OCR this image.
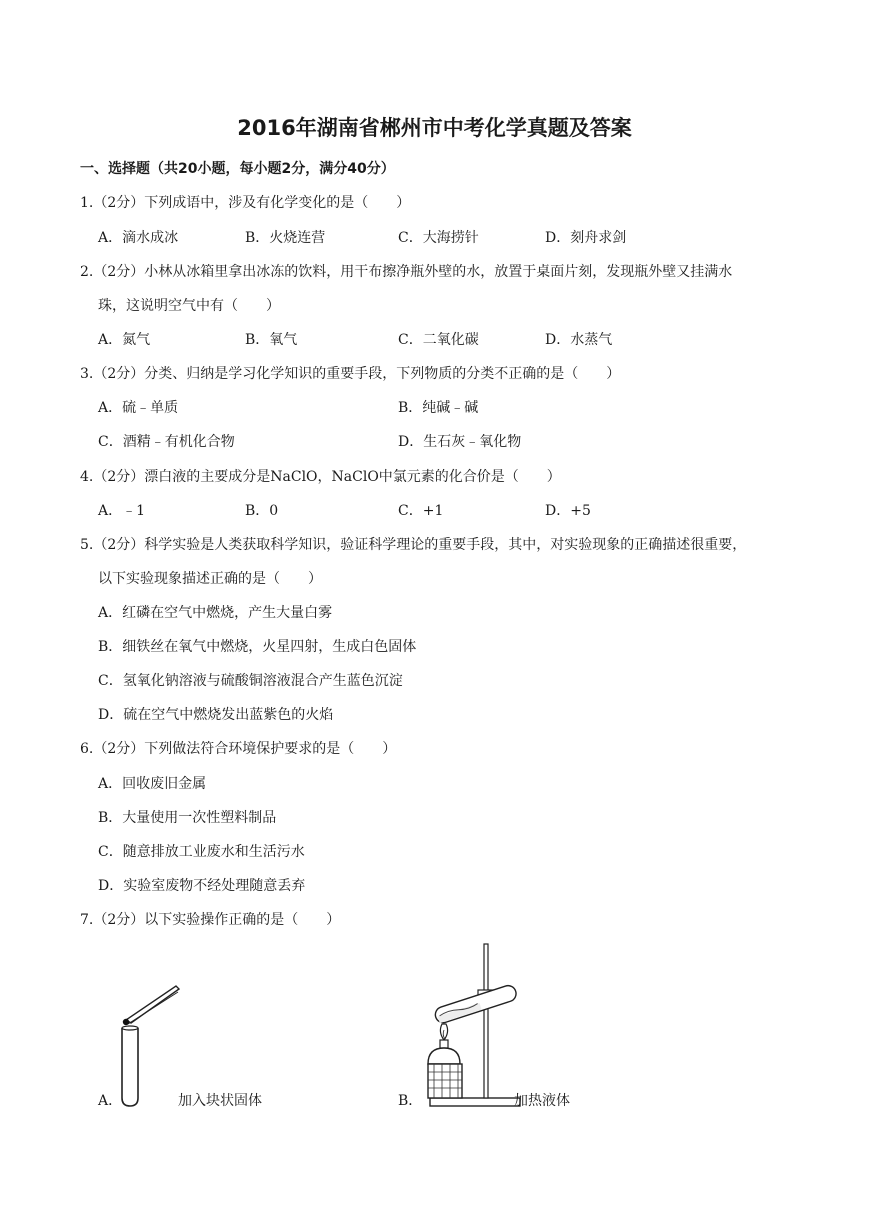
2016年湖南省郴州市中考化学真题及答案
一、选择题（共20小题，每小题2分，满分40分）
1.（2分）下列成语中，涉及有化学变化的是（　　）
A．滴水成冰	B．火烧连营	C．大海捞针	D．刻舟求剑
2.（2分）小林从冰箱里拿出冰冻的饮料，用干布擦净瓶外壁的水，放置于桌面片刻，发现瓶外壁又挂满水
珠，这说明空气中有（　　）
A．氮气	B．氧气	C．二氧化碳	D．水蒸气
3.（2分）分类、归纳是学习化学知识的重要手段，下列物质的分类不正确的是（　　）
A．硫﹣单质	B．纯碱﹣碱
C．酒精﹣有机化合物	D．生石灰﹣氧化物
4.（2分）漂白液的主要成分是NaClO，NaClO中氯元素的化合价是（　　）
A．﹣1	B．0	C．+1	D．+5
5.（2分）科学实验是人类获取科学知识，验证科学理论的重要手段，其中，对实验现象的正确描述很重要，
以下实验现象描述正确的是（　　）
A．红磷在空气中燃烧，产生大量白雾
B．细铁丝在氧气中燃烧，火星四射，生成白色固体
C．氢氧化钠溶液与硫酸铜溶液混合产生蓝色沉淀
D．硫在空气中燃烧发出蓝紫色的火焰
6.（2分）下列做法符合环境保护要求的是（　　）
A．回收废旧金属
B．大量使用一次性塑料制品
C．随意排放工业废水和生活污水
D．实验室废物不经处理随意丢弃
7.（2分）以下实验操作正确的是（　　）
A．	加入块状固体	B．	加热液体
